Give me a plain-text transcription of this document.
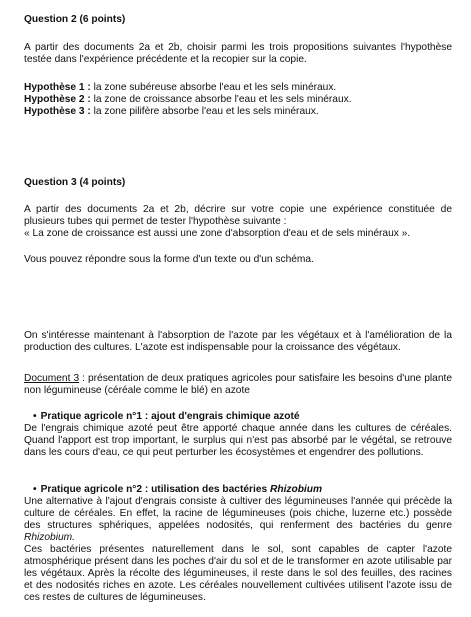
Question 2 (6 points)

A partir des documents 2a et 2b, choisir parmi les trois propositions suivantes l'hypothèse testée dans l'expérience précédente et la recopier sur la copie.

Hypothèse 1 : la zone subéreuse absorbe l'eau et les sels minéraux.

Hypothèse 2 : la zone de croissance absorbe l'eau et les sels minéraux.

Hypothèse 3 : la zone pilifère absorbe l'eau et les sels minéraux.

Question 3 (4 points)

A partir des documents 2a et 2b, décrire sur votre copie une expérience constituée de plusieurs tubes qui permet de tester l'hypothèse suivante :

« La zone de croissance est aussi une zone d'absorption d'eau et de sels minéraux ».

Vous pouvez répondre sous la forme d'un texte ou d'un schéma.

On s'intéresse maintenant à l'absorption de l'azote par les végétaux et à l'amélioration de la production des cultures. L'azote est indispensable pour la croissance des végétaux.

Document 3 : présentation de deux pratiques agricoles pour satisfaire les besoins d'une plante non légumineuse (céréale comme le blé) en azote

• Pratique agricole n°1 : ajout d'engrais chimique azoté

De l'engrais chimique azoté peut être apporté chaque année dans les cultures de céréales. Quand l'apport est trop important, le surplus qui n'est pas absorbé par le végétal, se retrouve dans les cours d'eau, ce qui peut perturber les écosystèmes et engendrer des pollutions.

• Pratique agricole n°2 : utilisation des bactéries Rhizobium

Une alternative à l'ajout d'engrais consiste à cultiver des légumineuses l'année qui précède la culture de céréales. En effet, la racine de légumineuses (pois chiche, luzerne etc.) possède des structures sphériques, appelées nodosités, qui renferment des bactéries du genre Rhizobium.

Ces bactéries présentes naturellement dans le sol, sont capables de capter l'azote atmosphérique présent dans les poches d'air du sol et de le transformer en azote utilisable par les végétaux. Après la récolte des légumineuses, il reste dans le sol des feuilles, des racines et des nodosités riches en azote. Les céréales nouvellement cultivées utilisent l'azote issu de ces restes de cultures de légumineuses.
